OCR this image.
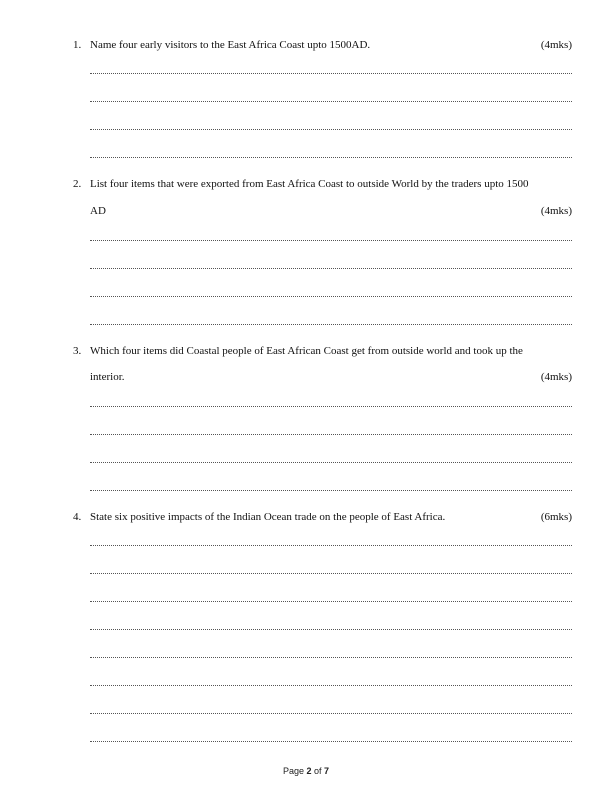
1. Name four early visitors to the East Africa Coast upto 1500AD.	(4mks)
2. List four items that were exported from East Africa Coast to outside World by the traders upto 1500
AD	(4mks)
3. Which four items did Coastal people of East African Coast get from outside world and took up the
interior.	(4mks)
4. State six positive impacts of the Indian Ocean trade on the people of East Africa.	(6mks)
Page 2 of 7
